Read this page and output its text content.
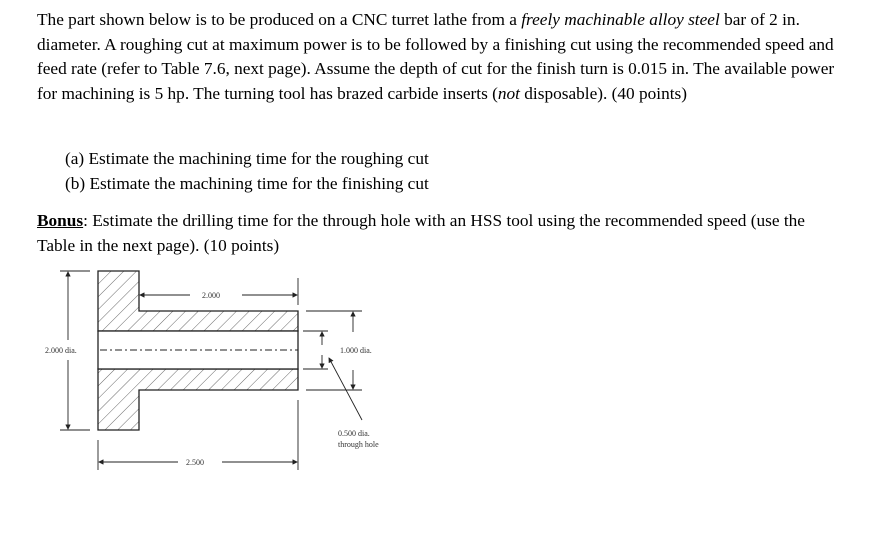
The part shown below is to be produced on a CNC turret lathe from a freely machinable alloy steel bar of 2 in. diameter. A roughing cut at maximum power is to be followed by a finishing cut using the recommended speed and feed rate (refer to Table 7.6, next page). Assume the depth of cut for the finish turn is 0.015 in. The available power for machining is 5 hp. The turning tool has brazed carbide inserts (not disposable). (40 points)
(a) Estimate the machining time for the roughing cut
(b) Estimate the machining time for the finishing cut
Bonus: Estimate the drilling time for the through hole with an HSS tool using the recommended speed (use the Table in the next page). (10 points)
2.000 dia.
2.000
1.000 dia.
0.500 dia.
through hole
2.500
